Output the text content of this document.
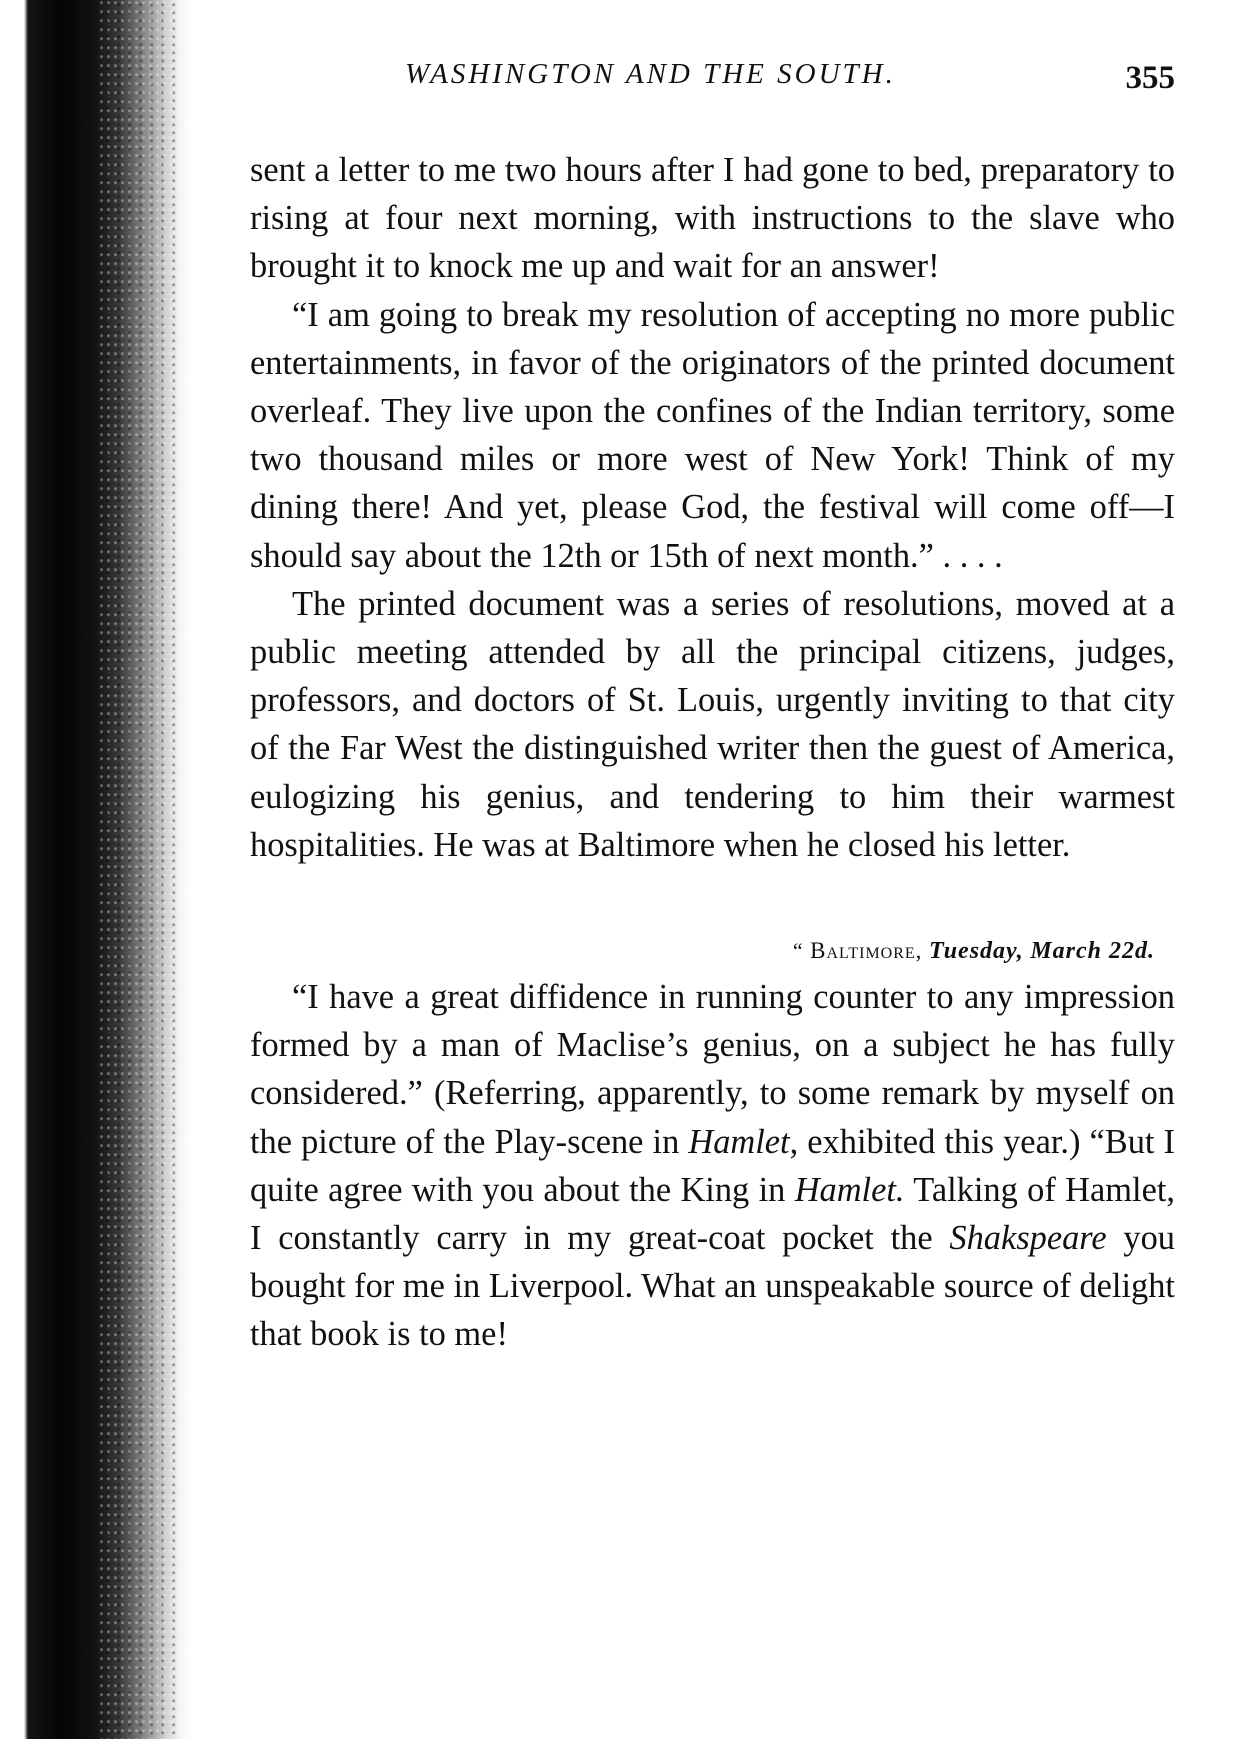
WASHINGTON AND THE SOUTH.	355

sent a letter to me two hours after I had gone to bed, preparatory to rising at four next morning, with instructions to the slave who brought it to knock me up and wait for an answer!

“I am going to break my resolution of accepting no more public entertainments, in favor of the originators of the printed document overleaf. They live upon the confines of the Indian territory, some two thousand miles or more west of New York! Think of my dining there! And yet, please God, the festival will come off—I should say about the 12th or 15th of next month.” . . . .

The printed document was a series of resolutions, moved at a public meeting attended by all the principal citizens, judges, professors, and doctors of St. Louis, urgently inviting to that city of the Far West the distinguished writer then the guest of America, eulogizing his genius, and tendering to him their warmest hospitalities. He was at Baltimore when he closed his letter.

“ Baltimore, Tuesday, March 22d.

“I have a great diffidence in running counter to any impression formed by a man of Maclise’s genius, on a subject he has fully considered.” (Referring, apparently, to some remark by myself on the picture of the Play-scene in Hamlet, exhibited this year.) “But I quite agree with you about the King in Hamlet. Talking of Hamlet, I constantly carry in my great-coat pocket the Shakspeare you bought for me in Liverpool. What an unspeakable source of delight that book is to me!
